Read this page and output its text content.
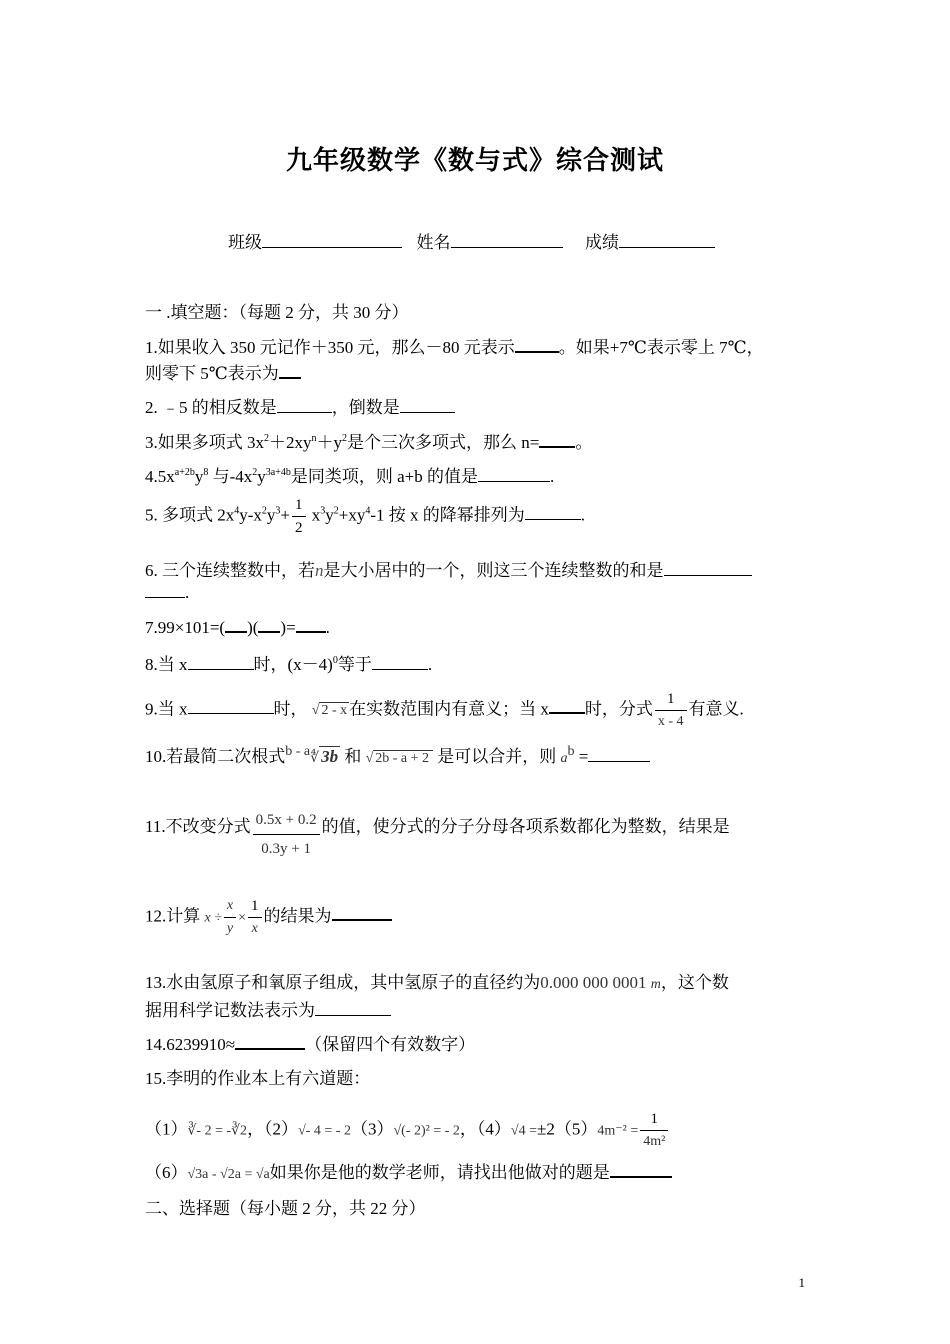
九年级数学《数与式》综合测试
班级	姓名	成绩
一 .填空题：（每题 2 分，共 30 分）
1.如果收入 350 元记作＋350 元，那么－80 元表示	。如果+7℃表示零上 7℃，
则零下 5℃表示为
2. ﹣5 的相反数是	，倒数是
3.如果多项式 $3x^2+2xy^n+y^2$是个三次多项式，那么 n= 。
$4.5x^{a+2b}y^8$ 与$-4x^2y^{3a+4b}$是同类项，则 a+b 的值是	.
5. 多项式 $2x^4y-x^2y^3+ \frac{1}{2} x^3y^2+xy^4-1$ 按 x 的降幂排列为	.
6. 三个连续整数中，若n是大小居中的一个，则这三个连续整数的和是
.
7.99×101=( )( )= .
8.当 x	时，$(x-4)^0$等于	.
9.当 x	时， √ 2 - x 在实数范围内有意义；当 x 时，分式 $\frac{1}{x - 4}$ 有意义.
10.若最简二次根式$^{b - a}$∜ 3b 和 √ 2b - a + 2 是可以合并，则 $a^b$ =
11.不改变分式 $\frac{0.5x + 0.2}{0.3y + 1}$ 的值，使分式的分子分母各项系数都化为整数，结果是
12.计算 $x \div \frac{x}{y} \times \frac{1}{x}$ 的结果为
13.水由氢原子和氧原子组成，其中氢原子的直径约为0.000 000 0001 m，这个数
据用科学记数法表示为
14.6239910≈	（保留四个有效数字）
15.李明的作业本上有六道题：
（1）∛- 2 = -∛2，（2）√- 4 = - 2（3）√(- 2)² = - 2，$(4)√4 =\pm 2(5)4m^{-2} = \frac{1}{\text{4m²}}$
（6）√3a - √2a = √a如果你是他的数学老师，请找出他做对的题是
二、选择题（每小题 2 分，共 22 分）
1
